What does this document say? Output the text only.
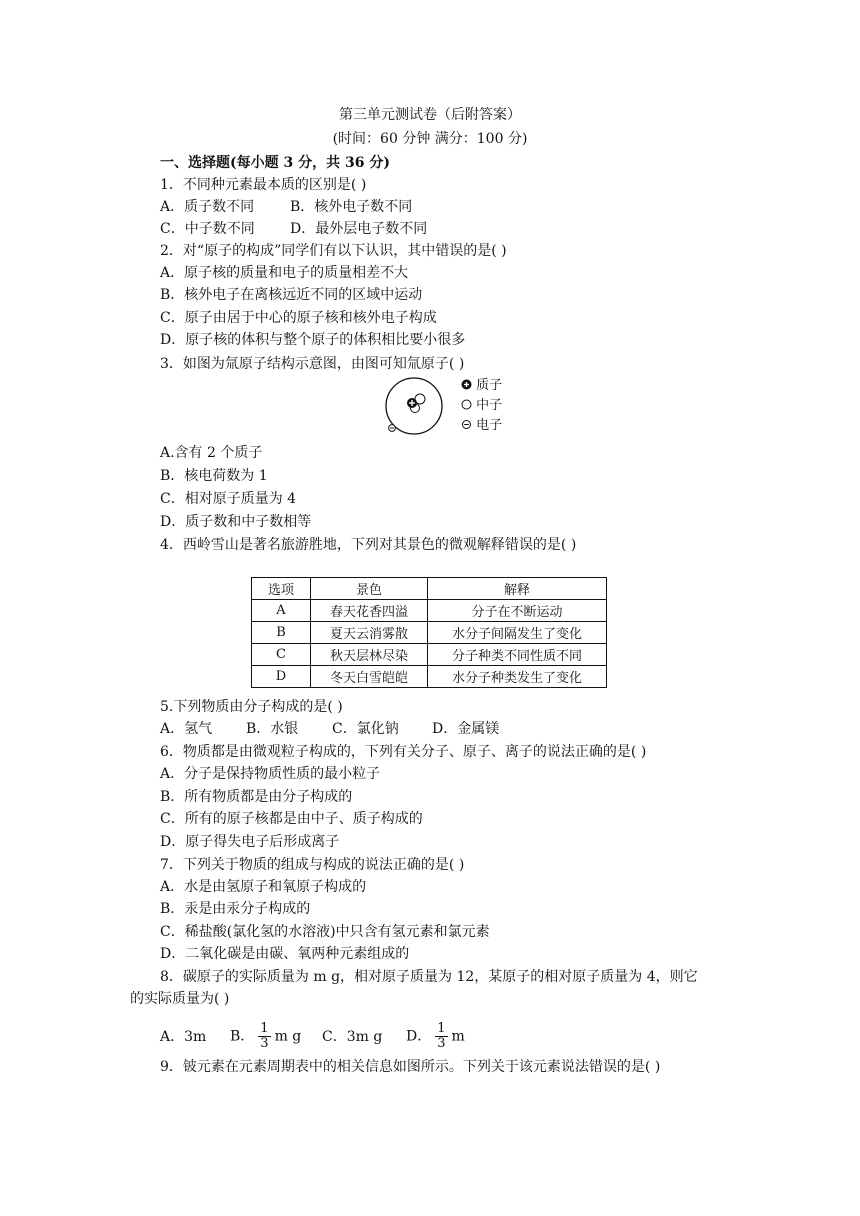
第三单元测试卷（后附答案）
(时间：60 分钟 满分：100 分)
一、选择题(每小题 3 分，共 36 分)
1．不同种元素最本质的区别是( )
A．质子数不同	B．核外电子数不同
C．中子数不同	D．最外层电子数不同
2．对“原子的构成”同学们有以下认识，其中错误的是( )
A．原子核的质量和电子的质量相差不大
B．核外电子在离核远近不同的区域中运动
C．原子由居于中心的原子核和核外电子构成
D．原子核的体积与整个原子的体积相比要小很多
3．如图为氚原子结构示意图，由图可知氚原子( )
质子
中子
电子
A.含有 2 个质子
B．核电荷数为 1
C．相对原子质量为 4
D．质子数和中子数相等
4．西岭雪山是著名旅游胜地，下列对其景色的微观解释错误的是( )
选项	景色	解释
A	春天花香四溢	分子在不断运动
B	夏天云消雾散	水分子间隔发生了变化
C	秋天层林尽染	分子种类不同性质不同
D	冬天白雪皑皑	水分子种类发生了变化
5.下列物质由分子构成的是( )
A．氢气 B．水银 C．氯化钠 D．金属镁
6．物质都是由微观粒子构成的，下列有关分子、原子、离子的说法正确的是( )
A．分子是保持物质性质的最小粒子
B．所有物质都是由分子构成的
C．所有的原子核都是由中子、质子构成的
D．原子得失电子后形成离子
7．下列关于物质的组成与构成的说法正确的是( )
A．水是由氢原子和氧原子构成的
B．汞是由汞分子构成的
C．稀盐酸(氯化氢的水溶液)中只含有氢元素和氯元素
D．二氧化碳是由碳、氧两种元素组成的
8．碳原子的实际质量为 m g，相对原子质量为 12，某原子的相对原子质量为 4，则它
的实际质量为( )
A．3m B． $\frac{1}{3}$ m g C．3m g D． $\frac{1}{3}$ m
9．铍元素在元素周期表中的相关信息如图所示。下列关于该元素说法错误的是( )
